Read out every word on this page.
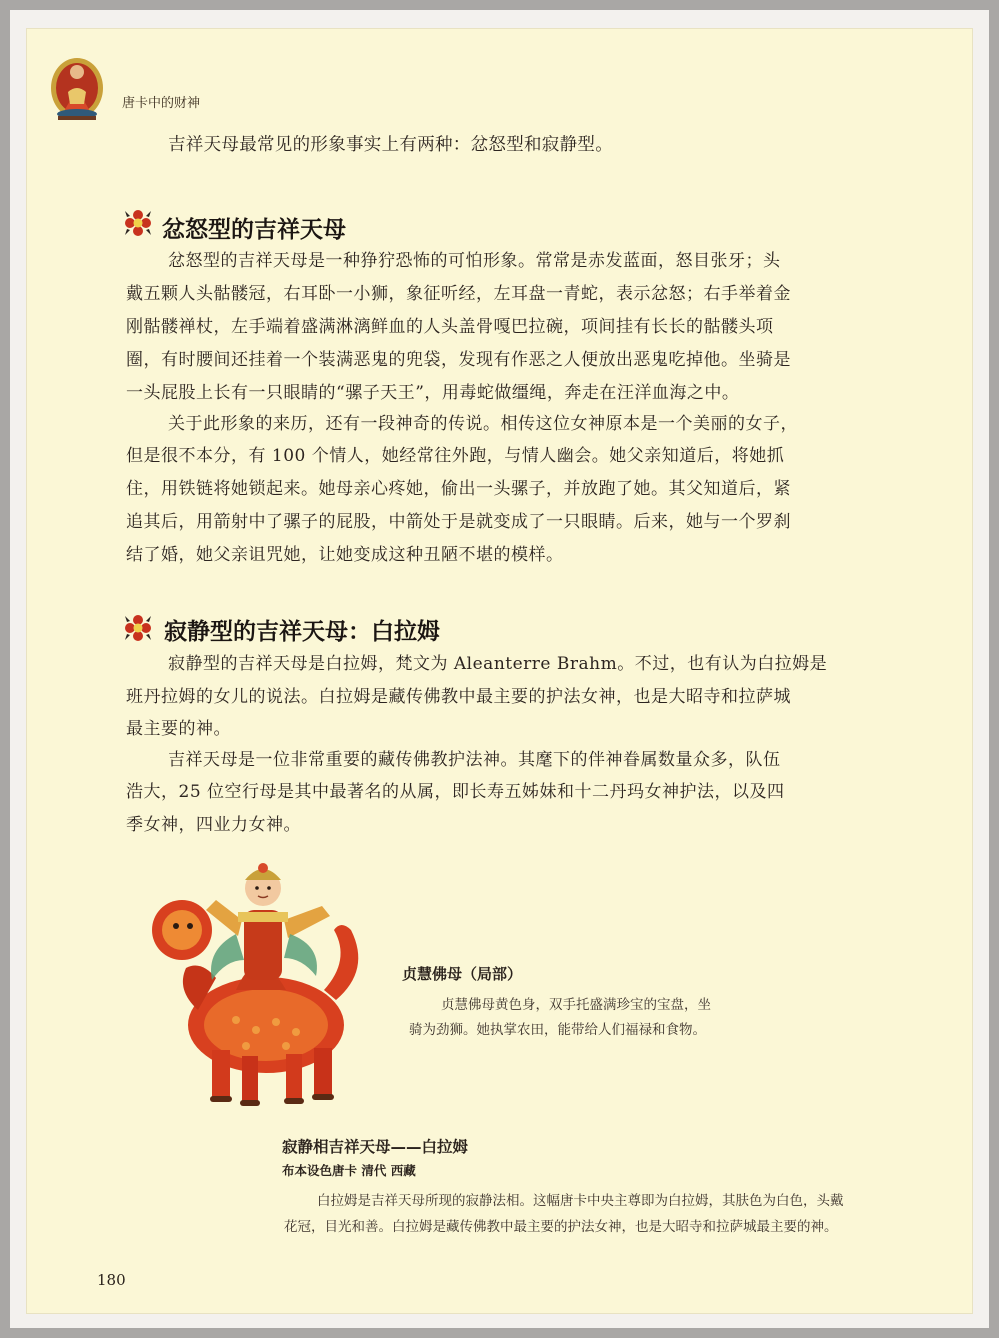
唐卡中的财神
吉祥天母最常见的形象事实上有两种：忿怒型和寂静型。
忿怒型的吉祥天母
忿怒型的吉祥天母是一种狰狞恐怖的可怕形象。常常是赤发蓝面，怒目张牙；头
戴五颗人头骷髅冠，右耳卧一小狮，象征听经，左耳盘一青蛇，表示忿怒；右手举着金
刚骷髅禅杖，左手端着盛满淋漓鲜血的人头盖骨嘎巴拉碗，项间挂有长长的骷髅头项
圈，有时腰间还挂着一个装满恶鬼的兜袋，发现有作恶之人便放出恶鬼吃掉他。坐骑是
一头屁股上长有一只眼睛的“骡子天王”，用毒蛇做缰绳，奔走在汪洋血海之中。
关于此形象的来历，还有一段神奇的传说。相传这位女神原本是一个美丽的女子，
但是很不本分，有 100 个情人，她经常往外跑，与情人幽会。她父亲知道后，将她抓
住，用铁链将她锁起来。她母亲心疼她，偷出一头骡子，并放跑了她。其父知道后，紧
追其后，用箭射中了骡子的屁股，中箭处于是就变成了一只眼睛。后来，她与一个罗刹
结了婚，她父亲诅咒她，让她变成这种丑陋不堪的模样。
寂静型的吉祥天母：白拉姆
寂静型的吉祥天母是白拉姆，梵文为 Aleanterre Brahm。不过，也有认为白拉姆是
班丹拉姆的女儿的说法。白拉姆是藏传佛教中最主要的护法女神，也是大昭寺和拉萨城
最主要的神。
吉祥天母是一位非常重要的藏传佛教护法神。其麾下的伴神眷属数量众多，队伍
浩大，25 位空行母是其中最著名的从属，即长寿五姊妹和十二丹玛女神护法，以及四
季女神，四业力女神。
贞慧佛母（局部）
贞慧佛母黄色身，双手托盛满珍宝的宝盘，坐
骑为劲狮。她执掌农田，能带给人们福禄和食物。
寂静相吉祥天母——白拉姆
布本设色唐卡 清代 西藏
白拉姆是吉祥天母所现的寂静法相。这幅唐卡中央主尊即为白拉姆，其肤色为白色，头戴
花冠，目光和善。白拉姆是藏传佛教中最主要的护法女神，也是大昭寺和拉萨城最主要的神。
180
